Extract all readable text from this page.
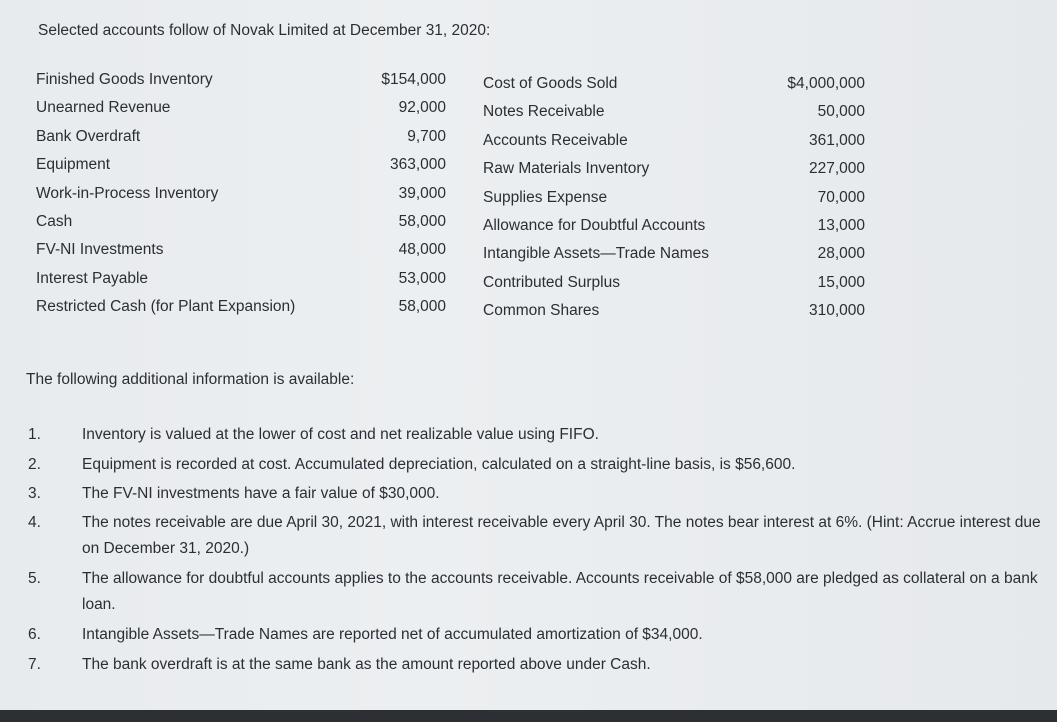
Selected accounts follow of Novak Limited at December 31, 2020:
Finished Goods Inventory	$154,000
Unearned Revenue	92,000
Bank Overdraft	9,700
Equipment	363,000
Work-in-Process Inventory	39,000
Cash	58,000
FV-NI Investments	48,000
Interest Payable	53,000
Restricted Cash (for Plant Expansion)	58,000
Cost of Goods Sold	$4,000,000
Notes Receivable	50,000
Accounts Receivable	361,000
Raw Materials Inventory	227,000
Supplies Expense	70,000
Allowance for Doubtful Accounts	13,000
Intangible Assets—Trade Names	28,000
Contributed Surplus	15,000
Common Shares	310,000
The following additional information is available:
1.	Inventory is valued at the lower of cost and net realizable value using FIFO.
2.	Equipment is recorded at cost. Accumulated depreciation, calculated on a straight-line basis, is $56,600.
3.	The FV-NI investments have a fair value of $30,000.
4.	The notes receivable are due April 30, 2021, with interest receivable every April 30. The notes bear interest at 6%. (Hint: Accrue interest due on December 31, 2020.)
5.	The allowance for doubtful accounts applies to the accounts receivable. Accounts receivable of $58,000 are pledged as collateral on a bank loan.
6.	Intangible Assets—Trade Names are reported net of accumulated amortization of $34,000.
7.	The bank overdraft is at the same bank as the amount reported above under Cash.
